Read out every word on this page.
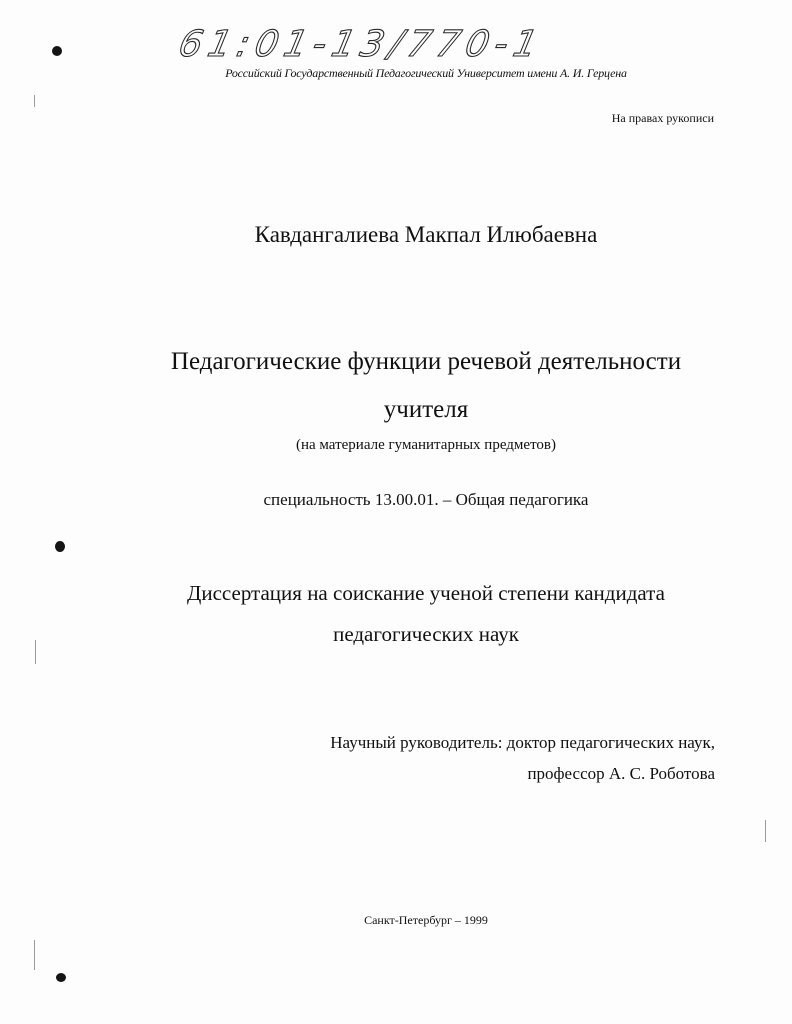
61:01-13/770-1
Российский Государственный Педагогический Университет имени А. И. Герцена
На правах рукописи
Кавдангалиева Макпал Илюбаевна
Педагогические функции речевой деятельности
учителя
(на материале гуманитарных предметов)
специальность 13.00.01. – Общая педагогика
Диссертация на соискание ученой степени кандидата
педагогических наук
Научный руководитель: доктор педагогических наук,
профессор А. С. Роботова
Санкт-Петербург – 1999
